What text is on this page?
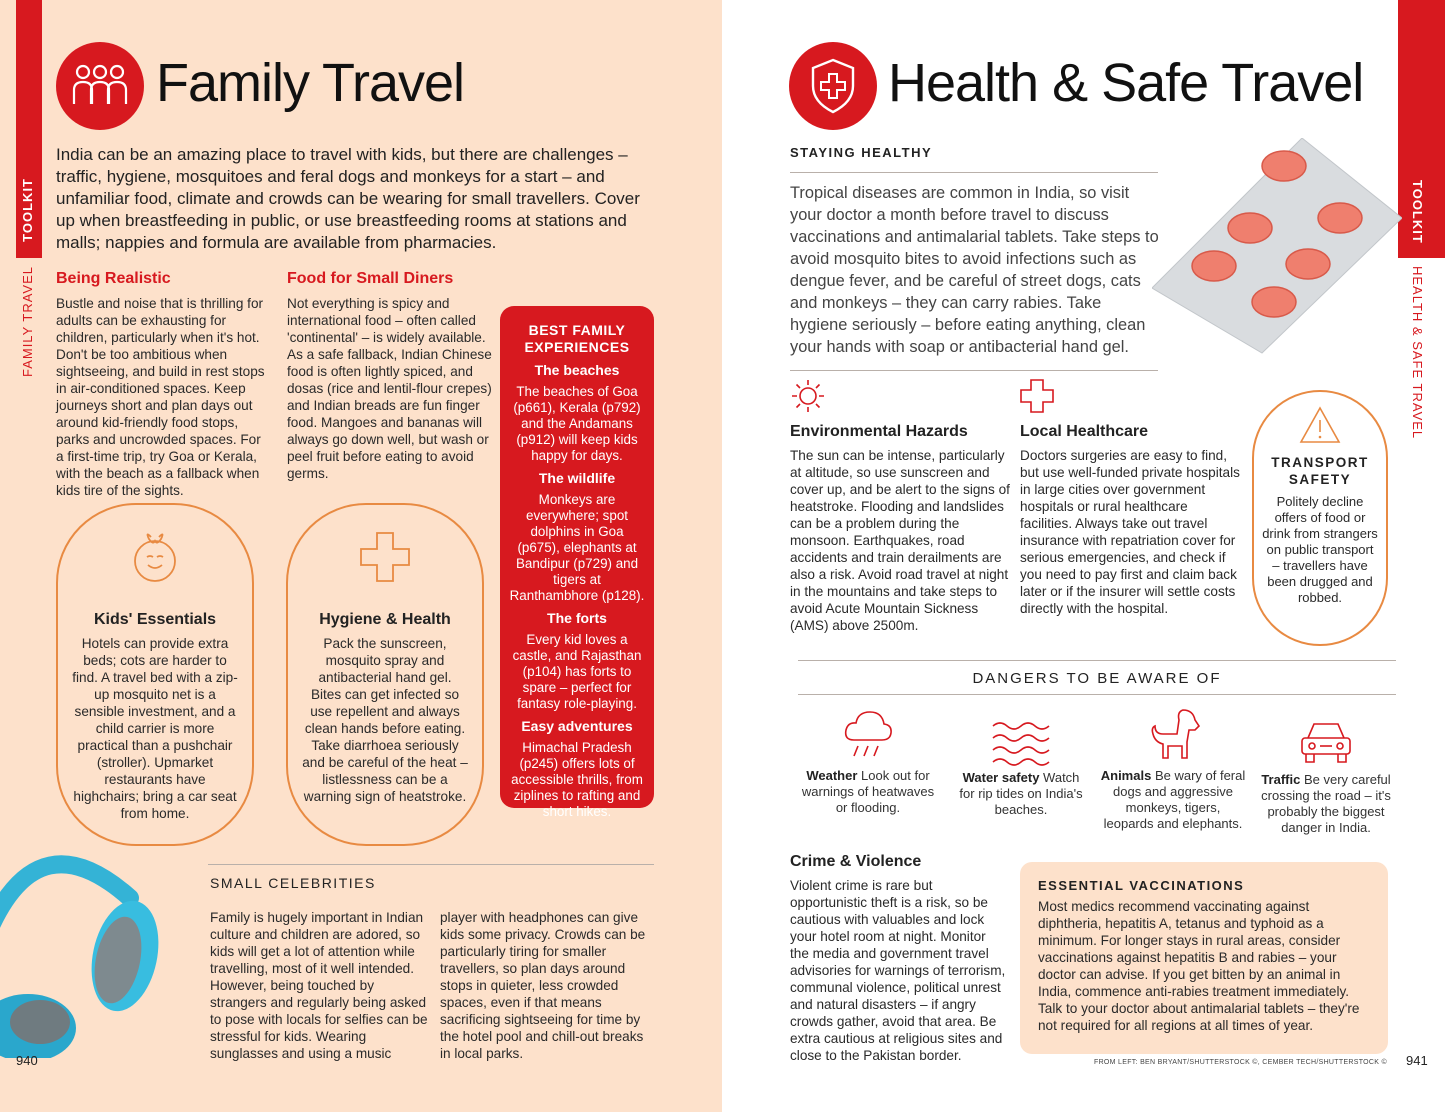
TOOLKIT
FAMILY TRAVEL
Family Travel
India can be an amazing place to travel with kids, but there are challenges – traffic, hygiene, mosquitoes and feral dogs and monkeys for a start – and unfamiliar food, climate and crowds can be wearing for small travellers. Cover up when breastfeeding in public, or use breastfeeding rooms at stations and malls; nappies and formula are available from pharmacies.
Being Realistic
Bustle and noise that is thrilling for adults can be exhausting for children, particularly when it's hot. Don't be too ambitious when sightseeing, and build in rest stops in air-conditioned spaces. Keep journeys short and plan days out around kid-friendly food stops, parks and uncrowded spaces. For a first-time trip, try Goa or Kerala, with the beach as a fallback when kids tire of the sights.
Food for Small Diners
Not everything is spicy and international food – often called 'continental' – is widely available. As a safe fallback, Indian Chinese food is often lightly spiced, and dosas (rice and lentil-flour crepes) and Indian breads are fun finger food. Mangoes and bananas will always go down well, but wash or peel fruit before eating to avoid germs.
BEST FAMILY EXPERIENCES
The beaches
The beaches of Goa (p661), Kerala (p792) and the Andamans (p912) will keep kids happy for days.
The wildlife
Monkeys are everywhere; spot dolphins in Goa (p675), elephants at Bandipur (p729) and tigers at Ranthambhore (p128).
The forts
Every kid loves a castle, and Rajasthan (p104) has forts to spare – perfect for fantasy role-playing.
Easy adventures
Himachal Pradesh (p245) offers lots of accessible thrills, from ziplines to rafting and short hikes.
Kids' Essentials

Hotels can provide extra beds; cots are harder to find. A travel bed with a zip-up mosquito net is a sensible investment, and a child carrier is more practical than a pushchair (stroller). Upmarket restaurants have highchairs; bring a car seat from home.

Hygiene & Health

Pack the sunscreen, mosquito spray and antibacterial hand gel. Bites can get infected so use repellent and always clean hands before eating. Take diarrhoea seriously and be careful of the heat – listlessness can be a warning sign of heatstroke.

SMALL CELEBRITIES
Family is hugely important in Indian culture and children are adored, so kids will get a lot of attention while travelling, most of it well intended. However, being touched by strangers and regularly being asked to pose with locals for selfies can be stressful for kids. Wearing sunglasses and using a music
player with headphones can give kids some privacy. Crowds can be particularly tiring for smaller travellers, so plan days around stops in quieter, less crowded spaces, even if that means sacrificing sightseeing for time by the hotel pool and chill-out breaks in local parks.
940
TOOLKIT
HEALTH & SAFE TRAVEL
Health & Safe Travel
STAYING HEALTHY
Tropical diseases are common in India, so visit your doctor a month before travel to discuss vaccinations and antimalarial tablets. Take steps to avoid mosquito bites to avoid infections such as dengue fever, and be careful of street dogs, cats and monkeys – they can carry rabies. Take hygiene seriously – before eating anything, clean your hands with soap or antibacterial hand gel.
Environmental Hazards
The sun can be intense, particularly at altitude, so use sunscreen and cover up, and be alert to the signs of heatstroke. Flooding and landslides can be a problem during the monsoon. Earthquakes, road accidents and train derailments are also a risk. Avoid road travel at night in the mountains and take steps to avoid Acute Mountain Sickness (AMS) above 2500m.
Local Healthcare
Doctors surgeries are easy to find, but use well-funded private hospitals in large cities over government hospitals or rural healthcare facilities. Always take out travel insurance with repatriation cover for serious emergencies, and check if you need to pay first and claim back later or if the insurer will settle costs directly with the hospital.
TRANSPORT SAFETY

Politely decline offers of food or drink from strangers on public transport – travellers have been drugged and robbed.

DANGERS TO BE AWARE OF
Weather Look out for warnings of heatwaves or flooding.
Water safety Watch for rip tides on India's beaches.
Animals Be wary of feral dogs and aggressive monkeys, tigers, leopards and elephants.
Traffic Be very careful crossing the road – it's probably the biggest danger in India.
Crime & Violence
Violent crime is rare but opportunistic theft is a risk, so be cautious with valuables and lock your hotel room at night. Monitor the media and government travel advisories for warnings of terrorism, communal violence, political unrest and natural disasters – if angry crowds gather, avoid that area. Be extra cautious at religious sites and close to the Pakistan border.
ESSENTIAL VACCINATIONS
Most medics recommend vaccinating against diphtheria, hepatitis A, tetanus and typhoid as a minimum. For longer stays in rural areas, consider vaccinations against hepatitis B and rabies – your doctor can advise. If you get bitten by an animal in India, commence anti-rabies treatment immediately. Talk to your doctor about antimalarial tablets – they're not required for all regions at all times of year.
FROM LEFT: BEN BRYANT/SHUTTERSTOCK ©, CEMBER TECH/SHUTTERSTOCK © 941
